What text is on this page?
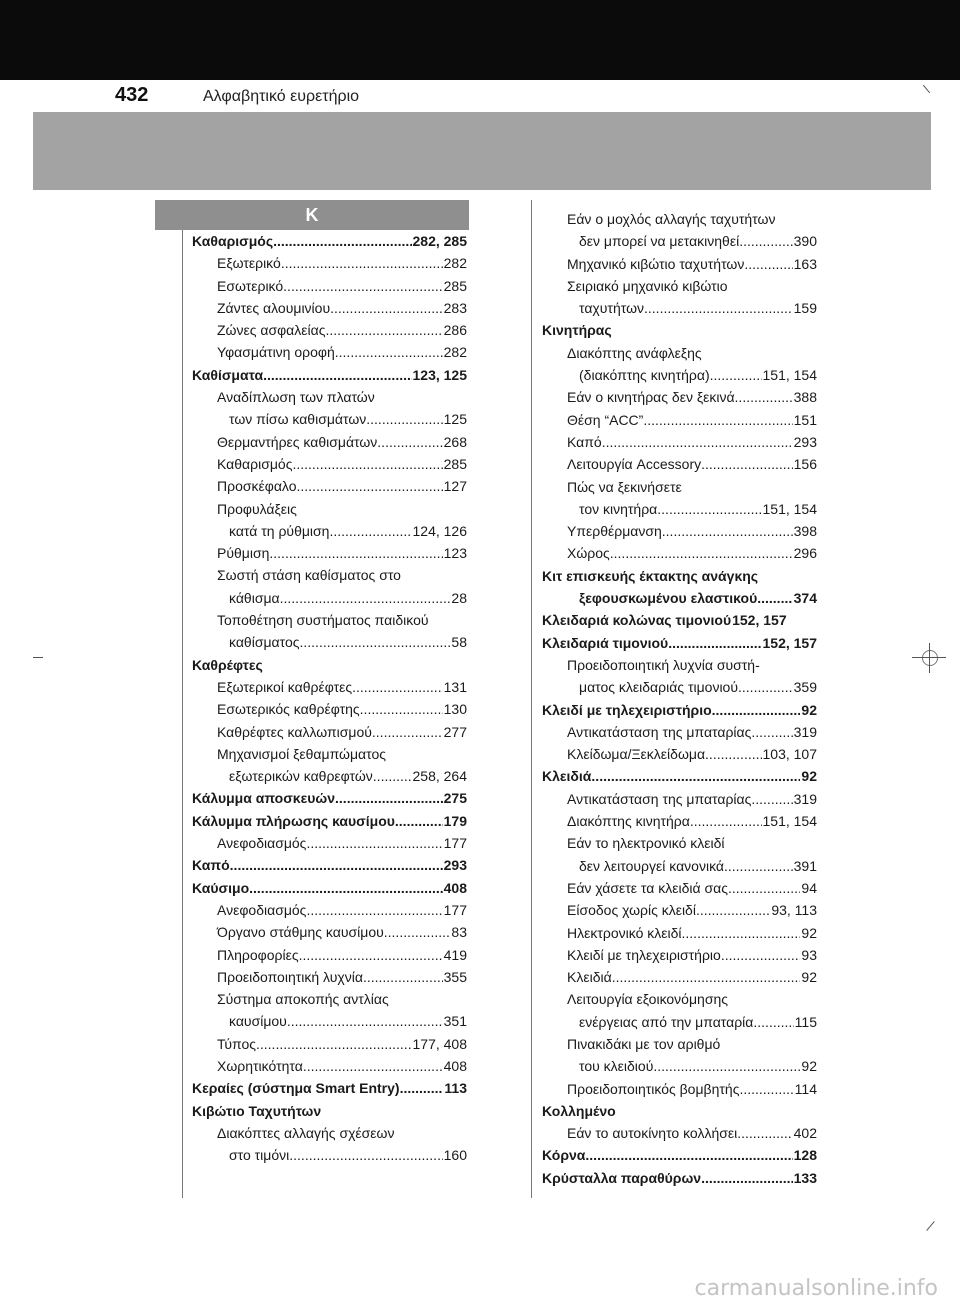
432	Αλφαβητικό ευρετήριο
Κ
Καθαρισμός .....	282, 285
Εξωτερικό .....	282
Εσωτερικό .....	285
Ζάντες αλουμινίου .....	283
Ζώνες ασφαλείας .....	286
Υφασμάτινη οροφή .....	282
Καθίσματα .....	123, 125
Αναδίπλωση των πλατών
των πίσω καθισμάτων .....	125
Θερμαντήρες καθισμάτων .....	268
Καθαρισμός .....	285
Προσκέφαλο .....	127
Προφυλάξεις
κατά τη ρύθμιση .....	124, 126
Ρύθμιση .....	123
Σωστή στάση καθίσματος στο
κάθισμα .....	28
Τοποθέτηση συστήματος παιδικού
καθίσματος .....	58
Καθρέφτες
Εξωτερικοί καθρέφτες .....	131
Εσωτερικός καθρέφτης .....	130
Καθρέφτες καλλωπισμού .....	277
Μηχανισμοί ξεθαμπώματος
εξωτερικών καθρεφτών .....	258, 264
Κάλυμμα αποσκευών .....	275
Κάλυμμα πλήρωσης καυσίμου .....	179
Ανεφοδιασμός .....	177
Καπό .....	293
Καύσιμο .....	408
Ανεφοδιασμός .....	177
Όργανο στάθμης καυσίμου .....	83
Πληροφορίες .....	419
Προειδοποιητική λυχνία .....	355
Σύστημα αποκοπής αντλίας
καυσίμου .....	351
Τύπος .....	177, 408
Χωρητικότητα .....	408
Κεραίες (σύστημα Smart Entry) .....	113
Κιβώτιο Ταχυτήτων
Διακόπτες αλλαγής σχέσεων
στο τιμόνι .....	160
Εάν ο μοχλός αλλαγής ταχυτήτων
δεν μπορεί να μετακινηθεί .....	390
Μηχανικό κιβώτιο ταχυτήτων .....	163
Σειριακό μηχανικό κιβώτιο
ταχυτήτων .....	159
Κινητήρας
Διακόπτης ανάφλεξης
(διακόπτης κινητήρα) .....	151, 154
Εάν ο κινητήρας δεν ξεκινά .....	388
Θέση “ACC” .....	151
Καπό .....	293
Λειτουργία Accessory .....	156
Πώς να ξεκινήσετε
τον κινητήρα .....	151, 154
Υπερθέρμανση .....	398
Χώρος .....	296
Κιτ επισκευής έκτακτης ανάγκης
ξεφουσκωμένου ελαστικού .....	374
Κλειδαριά κολώνας τιμονιού 152, 157
Κλειδαριά τιμονιού .....	152, 157
Προειδοποιητική λυχνία συστή-
ματος κλειδαριάς τιμονιού .....	359
Κλειδί με τηλεχειριστήριο .....	92
Αντικατάσταση της μπαταρίας .....	319
Κλείδωμα/Ξεκλείδωμα .....	103, 107
Κλειδιά .....	92
Αντικατάσταση της μπαταρίας .....	319
Διακόπτης κινητήρα .....	151, 154
Εάν το ηλεκτρονικό κλειδί
δεν λειτουργεί κανονικά .....	391
Εάν χάσετε τα κλειδιά σας .....	94
Είσοδος χωρίς κλειδί .....	93, 113
Ηλεκτρονικό κλειδί .....	92
Κλειδί με τηλεχειριστήριο .....	93
Κλειδιά .....	92
Λειτουργία εξοικονόμησης
ενέργειας από την μπαταρία .....	115
Πινακιδάκι με τον αριθμό
του κλειδιού .....	92
Προειδοποιητικός βομβητής .....	114
Κολλημένο
Εάν το αυτοκίνητο κολλήσει .....	402
Κόρνα .....	128
Κρύσταλλα παραθύρων .....	133
carmanualsonline.info
